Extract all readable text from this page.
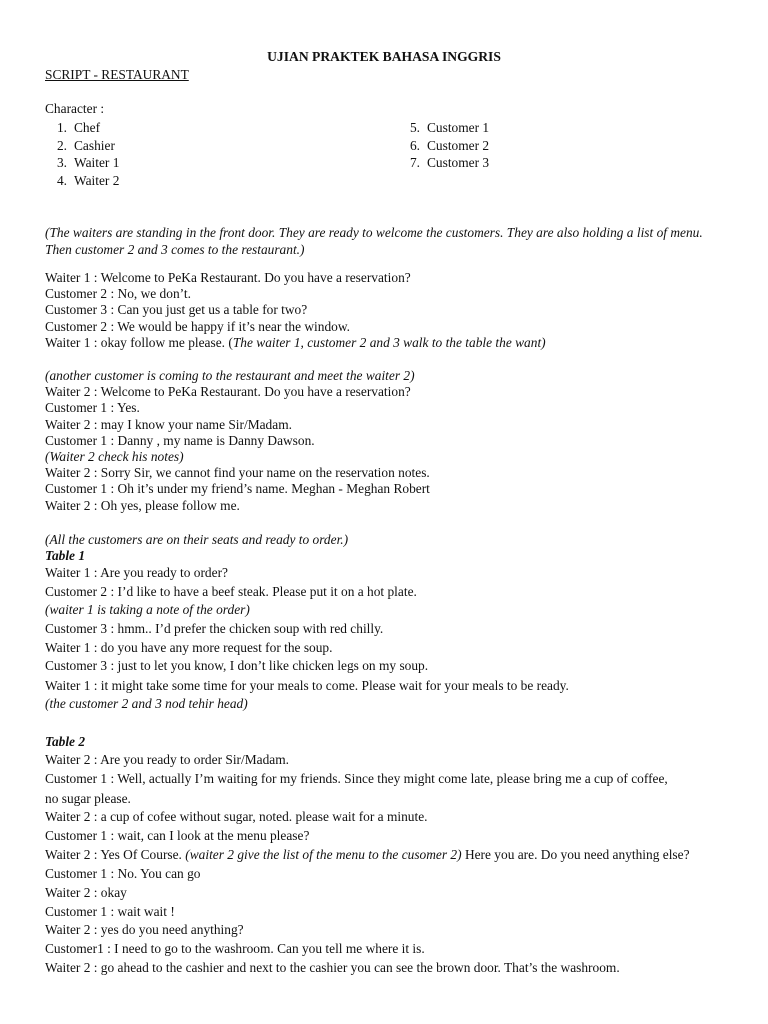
UJIAN PRAKTEK BAHASA INGGRIS
SCRIPT - RESTAURANT
Character :
1. Chef
2. Cashier
3. Waiter 1
4. Waiter 2
5. Customer 1
6. Customer 2
7. Customer 3
(The waiters are standing in the front door. They are ready to welcome the customers. They are also holding a list of menu. Then customer 2 and 3 comes to the restaurant.)
Waiter 1 : Welcome to PeKa Restaurant. Do you have a reservation?
Customer 2 : No, we don’t.
Customer 3 : Can you just get us a table for two?
Customer 2 : We would be happy if it’s near the window.
Waiter 1 : okay follow me please. (The waiter 1, customer 2 and 3 walk to the table the want)
(another customer is coming to the restaurant and meet the waiter 2)
Waiter 2 : Welcome to PeKa Restaurant. Do you have a reservation?
Customer 1 : Yes.
Waiter 2 : may I know your name Sir/Madam.
Customer 1 : Danny , my name is Danny Dawson.
(Waiter 2 check his notes)
Waiter 2 : Sorry Sir, we cannot find your name on the reservation notes.
Customer 1 : Oh it’s under my friend’s name. Meghan - Meghan Robert
Waiter 2 : Oh yes, please follow me.
(All the customers are on their seats and ready to order.)
Table 1
Waiter 1 : Are you ready to order?
Customer 2 : I’d like to have a beef steak. Please put it on a hot plate.
(waiter 1 is taking a note of the order)
Customer 3 : hmm.. I’d prefer the chicken soup with red chilly.
Waiter 1 : do you have any more request for the soup.
Customer 3 : just to let you know, I don’t like chicken legs on my soup.
Waiter 1 : it might take some time for your meals to come. Please wait for your meals to be ready.
(the customer 2 and 3 nod tehir head)
Table 2
Waiter 2 : Are you ready to order Sir/Madam.
Customer 1 : Well, actually I’m waiting for my friends. Since they might come late, please bring me a cup of coffee,
no sugar please.
Waiter 2 : a cup of cofee without sugar, noted. please wait for a minute.
Customer 1 : wait, can I look at the menu please?
Waiter 2 : Yes Of Course. (waiter 2 give the list of the menu to the cusomer 2) Here you are. Do you need anything else?
Customer 1 : No. You can go
Waiter 2 : okay
Customer 1 : wait wait !
Waiter 2 : yes do you need anything?
Customer1 : I need to go to the washroom. Can you tell me where it is.
Waiter 2 : go ahead to the cashier and next to the cashier you can see the brown door. That’s the washroom.
